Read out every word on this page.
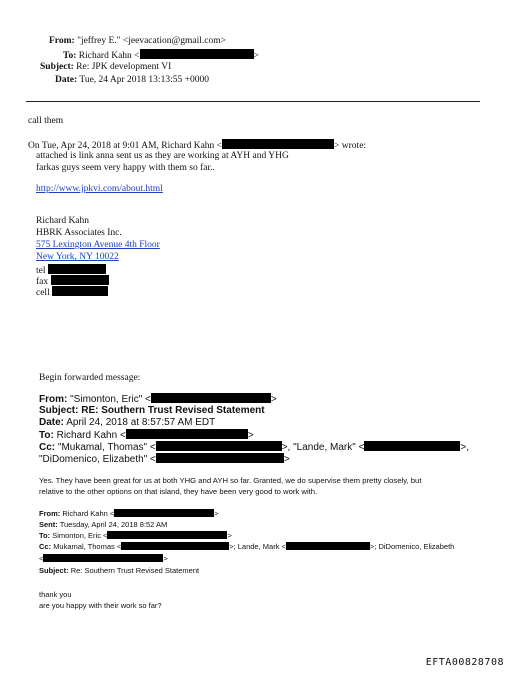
From: "jeffrey E." <jeevacation@gmail.com>
To: Richard Kahn <	>
Subject: Re: JPK development VI
Date: Tue, 24 Apr 2018 13:13:55 +0000
call them
On Tue, Apr 24, 2018 at 9:01 AM, Richard Kahn <	> wrote:
attached is link anna sent us as they are working at AYH and YHG
farkas guys seem very happy with them so far..
http://www.jpkvi.com/about.html
Richard Kahn
HBRK Associates Inc.
575 Lexington Avenue 4th Floor
New York, NY 10022
tel
fax
cell
Begin forwarded message:
From: "Simonton, Eric" <	>
Subject: RE: Southern Trust Revised Statement
Date: April 24, 2018 at 8:57:57 AM EDT
To: Richard Kahn <	>
Cc: "Mukamal, Thomas" <	>, "Lande, Mark" <	>,
"DiDomenico, Elizabeth" <	>
Yes. They have been great for us at both YHG and AYH so far. Granted, we do supervise them pretty closely, but
relative to the other options on that island, they have been very good to work with.
From: Richard Kahn <	>
Sent: Tuesday, April 24, 2018 8:52 AM
To: Simonton, Eric <	>
Cc: Mukamal, Thomas <	>; Lande, Mark <	>; DiDomenico, Elizabeth
<	>
Subject: Re: Southern Trust Revised Statement
thank you
are you happy with their work so far?
EFTA00828708
